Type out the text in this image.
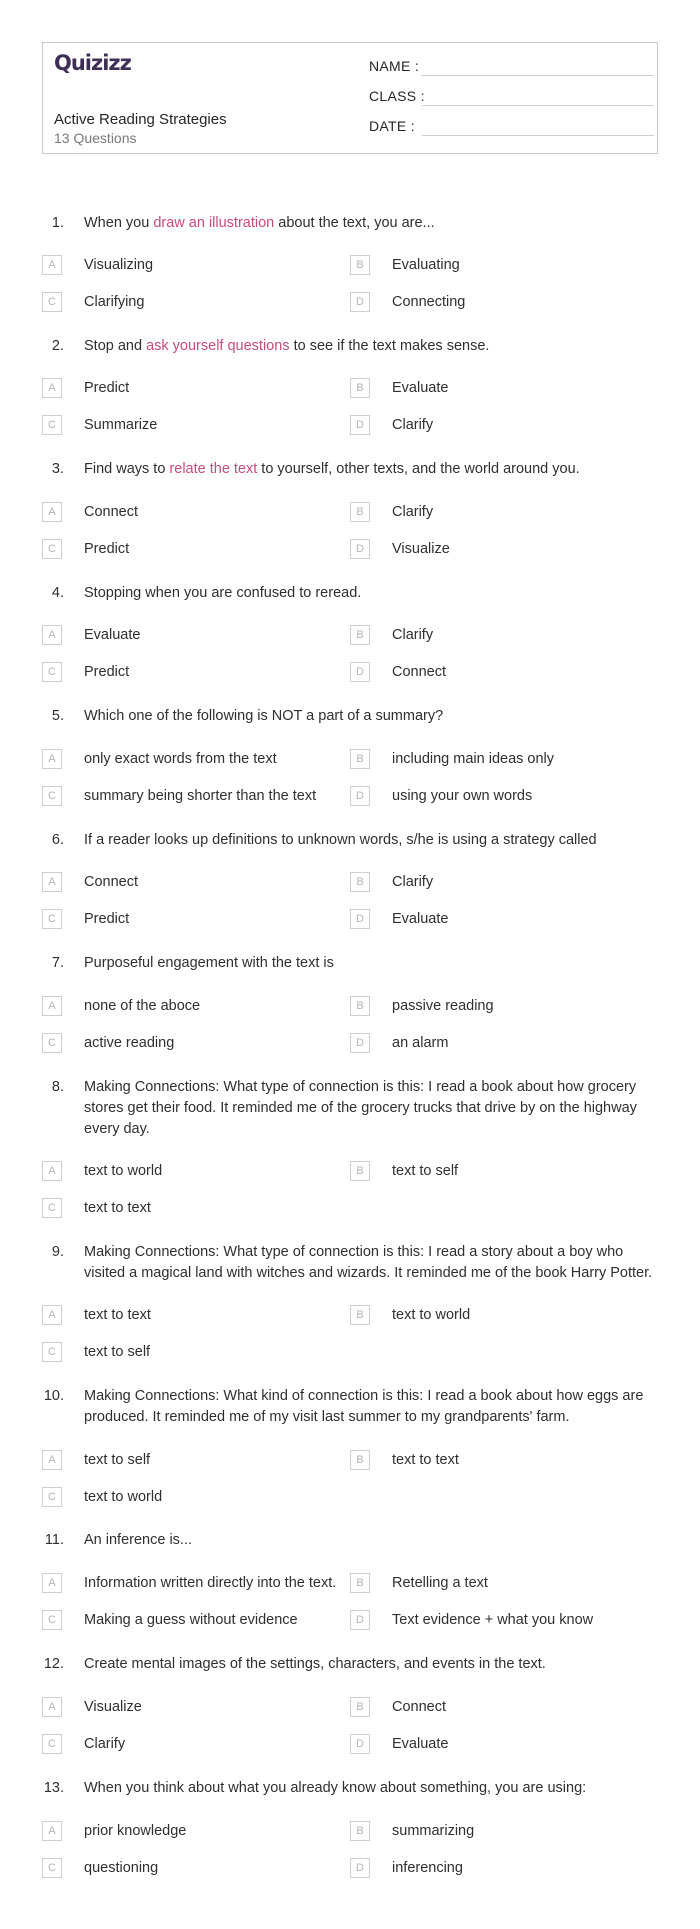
Quizizz
Active Reading Strategies
13 Questions
NAME :
CLASS :
DATE :
1. When you draw an illustration about the text, you are...
A	Visualizing	B	Evaluating
C	Clarifying	D	Connecting
2. Stop and ask yourself questions to see if the text makes sense.
A	Predict	B	Evaluate
C	Summarize	D	Clarify
3. Find ways to relate the text to yourself, other texts, and the world around you.
A	Connect	B	Clarify
C	Predict	D	Visualize
4. Stopping when you are confused to reread.
A	Evaluate	B	Clarify
C	Predict	D	Connect
5. Which one of the following is NOT a part of a summary?
A	only exact words from the text	B	including main ideas only
C	summary being shorter than the text	D	using your own words
6. If a reader looks up definitions to unknown words, s/he is using a strategy called
A	Connect	B	Clarify
C	Predict	D	Evaluate
7. Purposeful engagement with the text is
A	none of the aboce	B	passive reading
C	active reading	D	an alarm
8. Making Connections: What type of connection is this: I read a book about how grocery stores get their food. It reminded me of the grocery trucks that drive by on the highway every day.
A	text to world	B	text to self
C	text to text
9. Making Connections: What type of connection is this: I read a story about a boy who visited a magical land with witches and wizards. It reminded me of the book Harry Potter.
A	text to text	B	text to world
C	text to self
10. Making Connections: What kind of connection is this: I read a book about how eggs are produced. It reminded me of my visit last summer to my grandparents' farm.
A	text to self	B	text to text
C	text to world
11. An inference is...
A	Information written directly into the text.	B	Retelling a text
C	Making a guess without evidence	D	Text evidence + what you know
12. Create mental images of the settings, characters, and events in the text.
A	Visualize	B	Connect
C	Clarify	D	Evaluate
13. When you think about what you already know about something, you are using:
A	prior knowledge	B	summarizing
C	questioning	D	inferencing
